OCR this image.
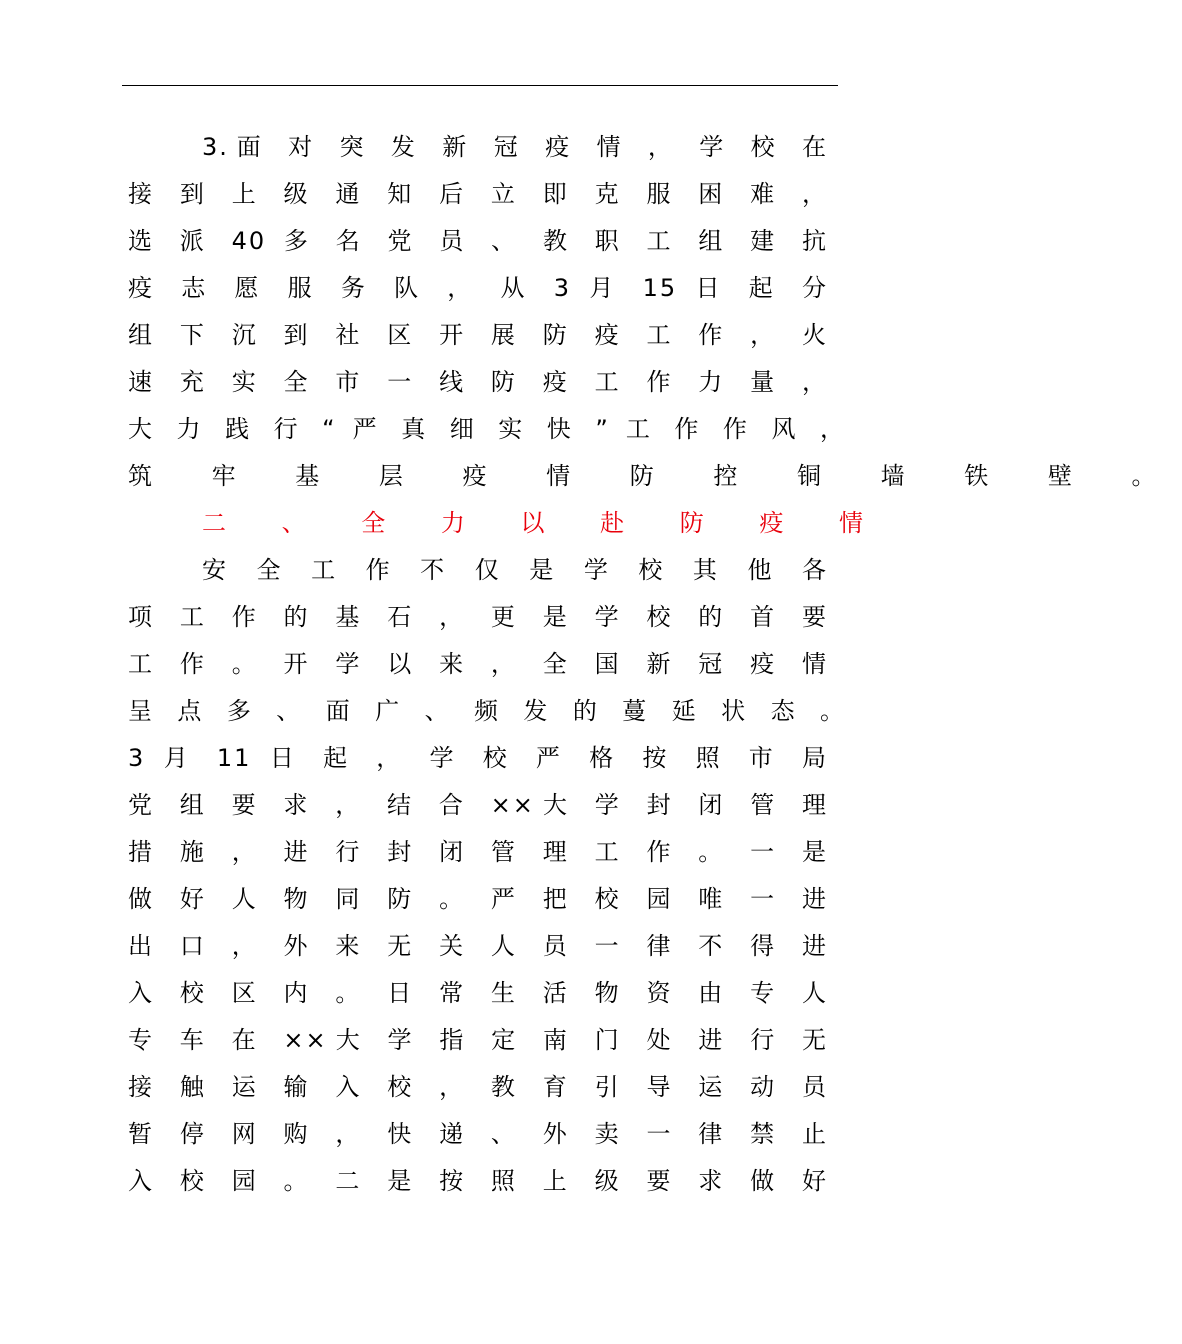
3.面 对 突 发 新 冠 疫 情 ， 学 校 在
接 到 上 级 通 知 后 立 即 克 服 困 难 ，
选 派 40 多 名 党 员 、 教 职 工 组 建 抗
疫 志 愿 服 务 队 ， 从 3 月 15 日 起 分
组 下 沉 到 社 区 开 展 防 疫 工 作 ， 火
速 充 实 全 市 一 线 防 疫 工 作 力 量 ，
大 力 践 行 “ 严 真 细 实 快 ” 工 作 作 风 ，
筑 牢 基 层 疫 情 防 控 铜 墙 铁 壁 。
二 、 全 力 以 赴 防 疫 情
安 全 工 作 不 仅 是 学 校 其 他 各
项 工 作 的 基 石 ， 更 是 学 校 的 首 要
工 作 。 开 学 以 来 ， 全 国 新 冠 疫 情
呈 点 多 、 面 广 、 频 发 的 蔓 延 状 态 。
3 月 11 日 起 ， 学 校 严 格 按 照 市 局
党 组 要 求 ， 结 合 ××大 学 封 闭 管 理
措 施 ， 进 行 封 闭 管 理 工 作 。 一 是
做 好 人 物 同 防 。 严 把 校 园 唯 一 进
出 口 ， 外 来 无 关 人 员 一 律 不 得 进
入 校 区 内 。 日 常 生 活 物 资 由 专 人
专 车 在 ××大 学 指 定 南 门 处 进 行 无
接 触 运 输 入 校 ， 教 育 引 导 运 动 员
暂 停 网 购 ， 快 递 、 外 卖 一 律 禁 止
入 校 园 。 二 是 按 照 上 级 要 求 做 好
